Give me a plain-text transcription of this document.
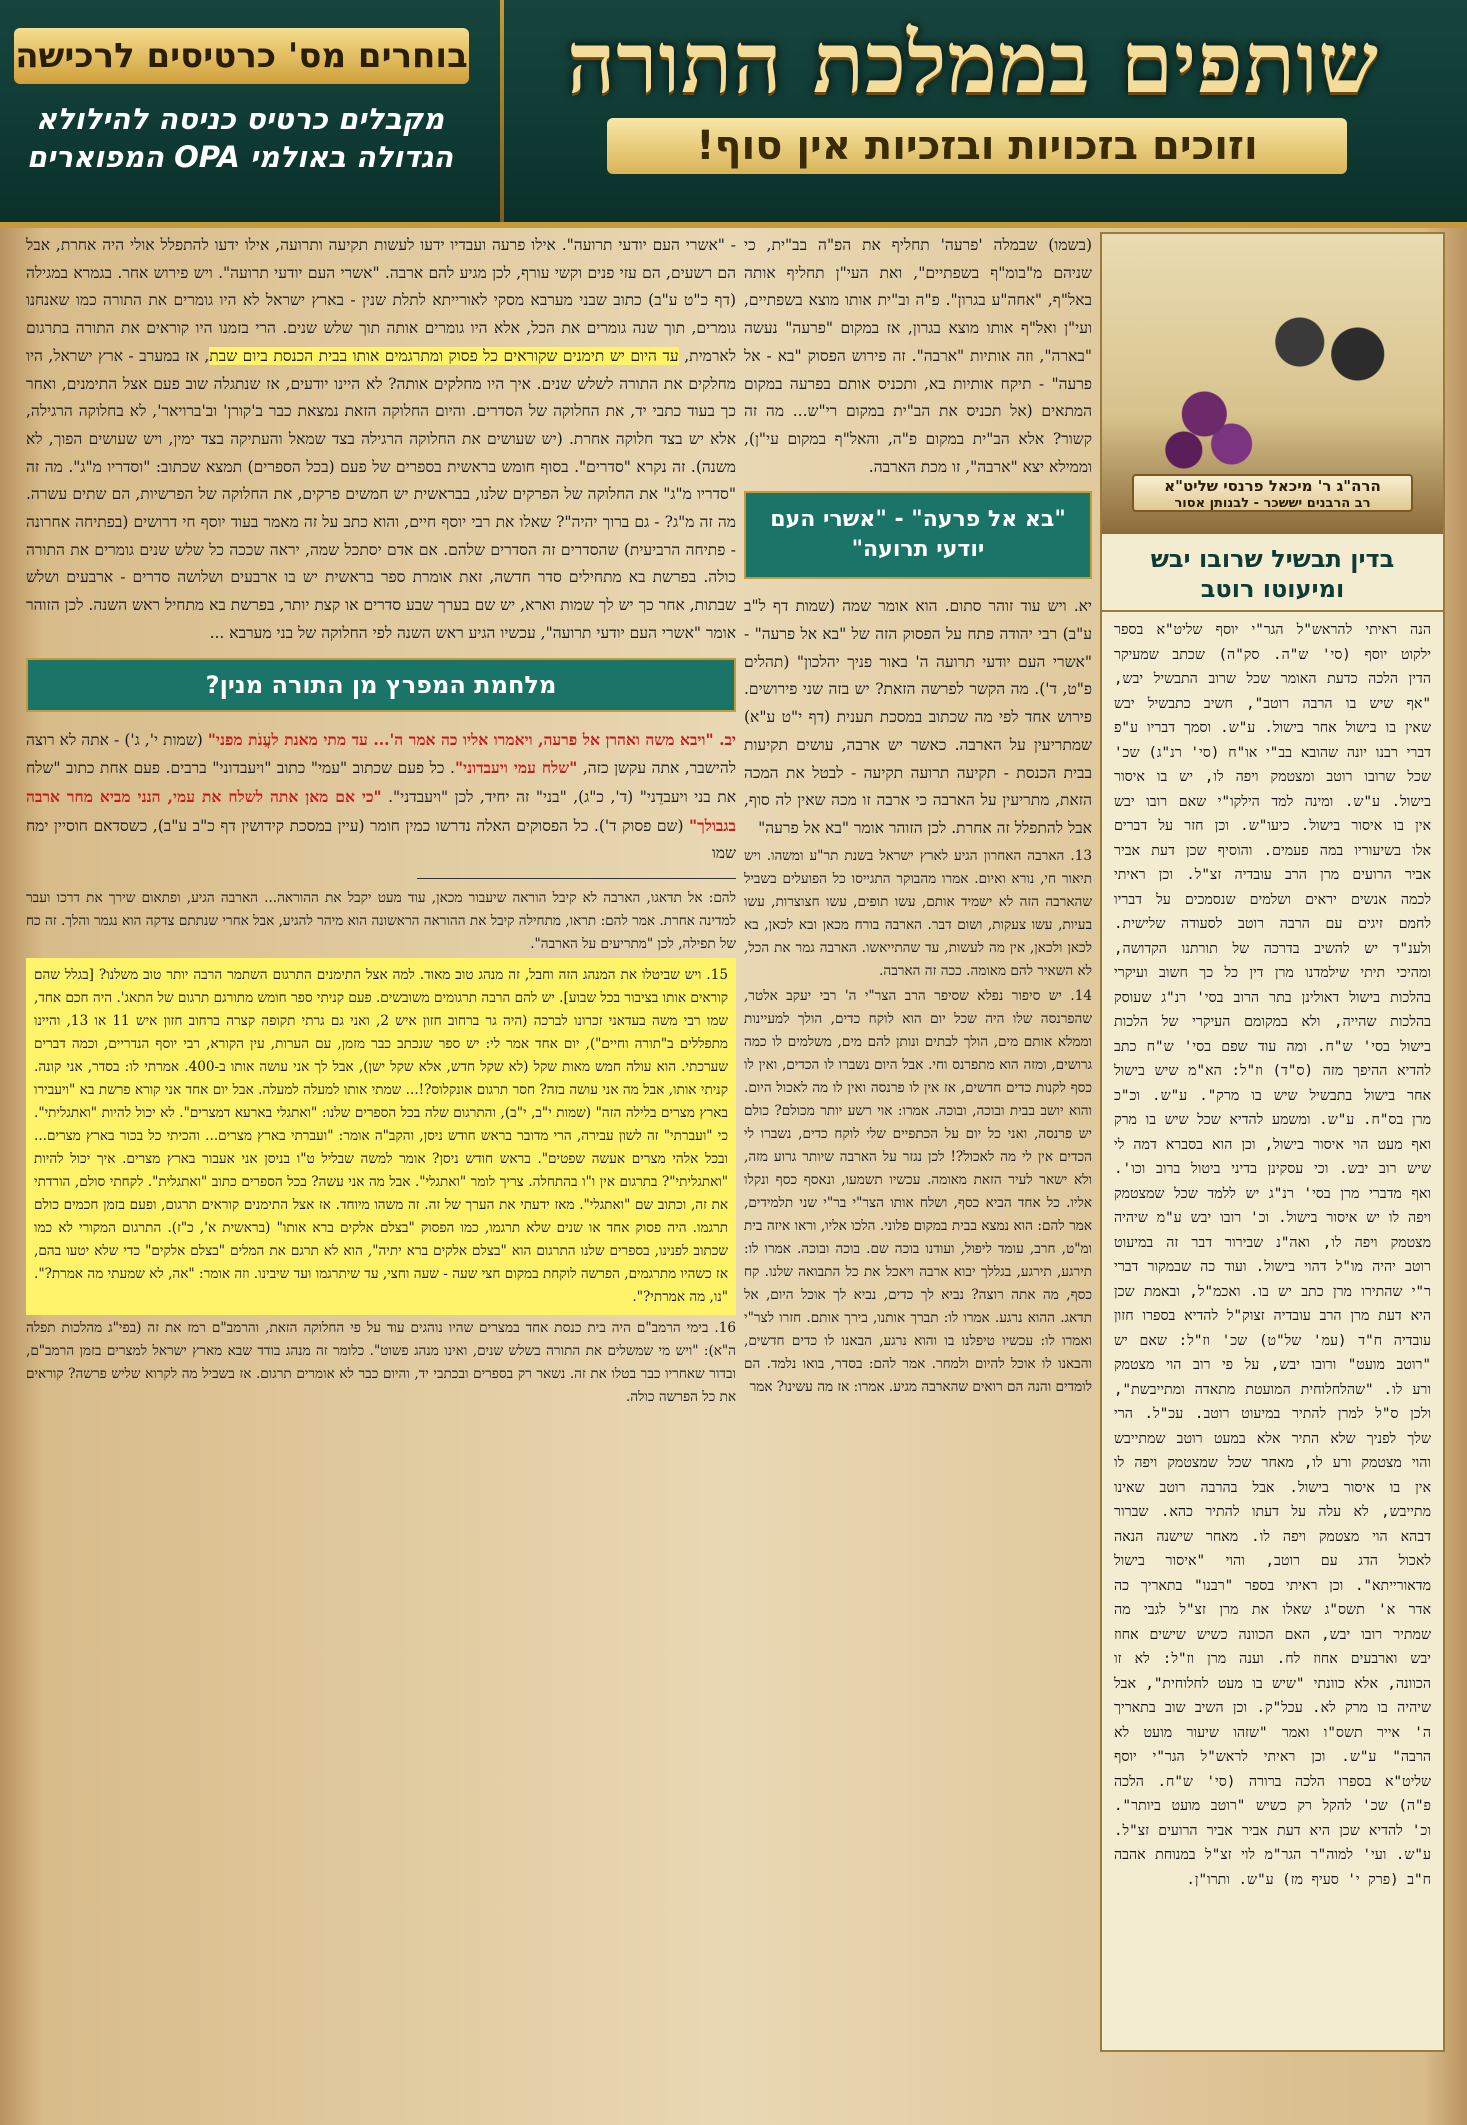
שותפים בממלכת התורה
וזוכים בזכויות ובזכיות אין סוף!
בוחרים מס' כרטיסים לרכישה
מקבלים כרטיס כניסה להילולא
הגדולה באולמי OPA המפוארים
הרה"ג ר' מיכאל פרנסי שליט"א
רב הרבנים יששכר - לבנותן אסור
בדין תבשיל שרובו יבש ומיעוטו רוטב
הנה ראיתי להראש"ל הגר"י יוסף שליט"א בספר ילקוט יוסף (סי' ש"ה. סק"ה) שכתב שמעיקר הדין הלכה כדעת האומר שכל שרוב התבשיל יבש, "אף שיש בו הרבה רוטב", חשיב כתבשיל יבש שאין בו בישול אחר בישול. ע"ש. וסמך דבריו ע"פ דברי רבנו יונה שהובא בב"י או"ח (סי' רנ"ג) שכ' שכל שרובו רוטב ומצטמק ויפה לו, יש בו איסור בישול. ע"ש. ומינה למד הילקו"י שאם רובו יבש אין בו איסור בישול. כיעו"ש. וכן חזר על דברים אלו בשיעוריו במה פעמים. והוסיף שכן דעת אביר אביר הרועים מרן הרב עובדיה זצ"ל. וכן ראיתי לכמה אנשים יראים ושלמים שנסמכים על דבריו לחמם זיגים עם הרבה רוטב לסעודה שלישית. ולענ"ד יש להשיב בדרכה של תורתנו הקדושה, ומהיכי תיתי שילמדנו מרן דין כל כך חשוב ועיקרי בהלכות בישול דאולינן בתר הרוב בסי' רנ"ג שעוסק בהלכות שהייה, ולא במקומם העיקרי של הלכות בישול בסי' ש"ח. ומה עוד שפם בסי' ש"ח כתב להדיא ההיפך מזה (ס"ד) וז"ל: הא"מ שיש בישול אחר בישול בתבשיל שיש בו מרק". ע"ש. וכ"כ מרן בס"ח. ע"ש. ומשמע להדיא שכל שיש בו מרק ואף מעט הוי איסור בישול, וכן הוא בסברא דמה לי שיש רוב יבש. וכי עסקינן בדיני ביטול ברוב וכו'. ואף מדברי מרן בסי' רנ"ג יש ללמד שכל שמצטמק ויפה לו יש איסור בישול. וכ' רובו יבש ע"מ שיהיה מצטמק ויפה לו, ואה"נ שבירור דבר זה במיעוט רוטב יהיה מו"ל דהוי בישול. ועוד כה שבמקור דברי ר"י שהתירו מרן כתב יש בו. ואכמ"ל, ובאמת שכן היא דעת מרן הרב עובדיה זצוק"ל להדיא בספרו חזון עובדיה ח"ד (עמ' של"ט) שכ' וז"ל: שאם יש "רוטב מועט" ורובו יבש, על פי רוב הוי מצטמק ורע לו. "שהלחלוחית המועטת מתאדה ומתייבשת", ולכן ס"ל למרן להתיר במיעוט רוטב. עכ"ל. הרי שלך לפניך שלא התיר אלא במעט רוטב שמתייבש והוי מצטמק ורע לו, מאחר שכל שמצטמק ויפה לו אין בו איסור בישול. אבל בהרבה רוטב שאינו מתייבש, לא עלה על דעתו להתיר כהא. שברור דבהא הוי מצטמק ויפה לו. מאחר שישנה הנאה לאכול הדג עם רוטב, והוי "איסור בישול מדאורייתא". וכן ראיתי בספר "רבנו" בתאריך כה אדר א' תשס"ג שאלו את מרן זצ"ל לגבי מה שמתיר רובו יבש, האם הכוונה כשיש שישים אחוז יבש וארבעים אחוז לח. וענה מרן וז"ל: לא זו הכוונה, אלא כוונתי "שיש בו מעט לחלוחית", אבל שיהיה בו מרק לא. עכל"ק. וכן השיב שוב בתאריך ה' אייר תשס"ו ואמר "שזהו שיעור מועט לא הרבה" ע"ש. וכן ראיתי לראש"ל הגר"י יוסף שליט"א בספרו הלכה ברורה (סי' ש"ח. הלכה פ"ה) שכ' להקל רק כשיש "רוטב מועט ביותר". וכ' להדיא שכן היא דעת אביר אביר הרועים זצ"ל. ע"ש. ועי' למוה"ר הגר"מ לוי זצ"ל במנוחת אהבה ח"ב (פרק י' סעיף מז) ע"ש. ותרו"ן.

(בשמו) שבמלה 'פרעה' תחליף את הפ"ה בב"ית, כי שניהם מ"בומ"ף בשפתיים", ואת העי"ן תחליף אותה באל"ף, "אחה"ע בגרון". פ"ה וב"ית אותו מוצא בשפתיים, ועי"ן ואל"ף אותו מוצא בגרון, אז במקום "פרעה" נעשה "בארה", וזה אותיות "ארבה". זה פירוש הפסוק "בא - אל פרעה" - תיקח אותיות בא, ותכניס אותם בפרעה במקום המתאים (אל תכניס את הב"ית במקום רי"ש... מה זה קשור? אלא הב"ית במקום פ"ה, והאל"ף במקום עי"ן), וממילא יצא "ארבה", זו מכת הארבה.

"בא אל פרעה" - "אשרי העם יודעי תרועה"

יא. ויש עוד זוהר סתום. הוא אומר שמה (שמות דף ל"ב ע"ב) רבי יהודה פתח על הפסוק הזה של "בא אל פרעה" - "אשרי העם יודעי תרועה ה' באור פניך יהלכון" (תהלים פ"ט, ד'). מה הקשר לפרשה הזאת? יש בזה שני פירושים. פירוש אחד לפי מה שכתוב במסכת תענית (דף י"ט ע"א) שמתריעין על הארבה. כאשר יש ארבה, עושים תקיעות בבית הכנסת - תקיעה תרועה תקיעה - לבטל את המכה הזאת, מתריעין על הארבה כי ארבה זו מכה שאין לה סוף, אבל להתפלל זה אחרת. לכן הזוהר אומר "בא אל פרעה"

13. הארבה האחרון הגיע לארץ ישראל בשנת תר"ע ומשהו. ויש תיאור חי, נורא ואיום. אמרו מהבוקר התגייסו כל הפועלים בשביל שהארבה הזה לא ישמיד אותם, עשו תופים, עשו חצוצרות, עשו בעיות, עשו צעקות, ושום דבר. הארבה בורח מכאן ובא לכאן, בא לכאן ולכאן, אין מה לעשות, עד שהתייאשו. הארבה גמר את הכל, לא השאיר להם מאומה. ככה זה הארבה.

14. יש סיפור נפלא שסיפר הרב הצר"י ה' רבי יעקב אלטר, שהפרנסה שלו היה שכל יום הוא לוקח כדים, הולך למעיינות וממלא אותם מים, הולך לבתים ונותן להם מים, משלמים לו כמה גרושים, ומזה הוא מתפרנס וחי. אבל היום נשברו לו הכדים, ואין לו כסף לקנות כדים חדשים, אז אין לו פרנסה ואין לו מה לאכול היום. והוא יושב בבית ובוכה, ובוכה. אמרו: אוי רשע יותר מכולם? כולם יש פרנסה, ואני כל יום על הכתפיים שלי לוקח כדים, נשברו לי הכדים אין לי מה לאכול?! לכן נגזר על הארבה שיותר גרוע מזה, ולא ישאר לעיר הזאת מאומה. עכשיו תשמעו, ונאסף כסף ונקלו אליו. כל אחד הביא כסף, ושלח אותו הצר"י בר"י שני תלמידים, אמר להם: הוא נמצא בבית במקום פלוני. הלכו אליו, וראו איזה בית ומ"ט, חרב, עומד ליפול, ועודנו בוכה שם. בוכה ובוכה. אמרו לו: תירגע, תירגע, בגללך יבוא ארבה ויאכל את כל התבואה שלנו. קח כסף, מה אתה רוצה? נביא לך כדים, נביא לך אוכל היום, אל תדאג. ההוא נרגע. אמרו לו: תברך אותנו, בירך אותם. חזרו לצר"י ואמרו לו: עכשיו טיפלנו בו והוא נרגע, הבאנו לו כדים חדשים, והבאנו לו אוכל להיום ולמחר. אמר להם: בסדר, בואו נלמד. הם לומדים והנה הם רואים שהארבה מגיע. אמרו: אז מה עשינו? אמר

- "אשרי העם יודעי תרועה". אילו פרעה ועבדיו ידעו לעשות תקיעה ותרועה, אילו ידעו להתפלל אולי היה אחרת, אבל הם רשעים, הם עזי פנים וקשי עורף, לכן מגיע להם ארבה. "אשרי העם יודעי תרועה". ויש פירוש אחר. בגמרא במגילה (דף כ"ט ע"ב) כתוב שבני מערבא מסקי לאורייתא לתלת שנין - בארץ ישראל לא היו גומרים את התורה כמו שאנחנו גומרים, תוך שנה גומרים את הכל, אלא היו גומרים אותה תוך שלש שנים. הרי בזמנו היו קוראים את התורה בתרגום לארמית, עד היום יש תימנים שקוראים כל פסוק ומתרגמים אותו בבית הכנסת ביום שבת, אז במערב - ארץ ישראל, היו מחלקים את התורה לשלש שנים. איך היו מחלקים אותה? לא היינו יודעים, אז שנתגלה שוב פעם אצל התימנים, ואחר כך בעוד כתבי יד, את החלוקה של הסדרים. והיום החלוקה הזאת נמצאת כבר ב'קורן' וב'ברויאר', לא בחלוקה הרגילה, אלא יש בצד חלוקה אחרת. (יש שעושים את החלוקה הרגילה בצד שמאל והעתיקה בצד ימין, ויש שעושים הפוך, לא משנה). זה נקרא "סדרים". בסוף חומש בראשית בספרים של פעם (בכל הספרים) תמצא שכתוב: "וסדריו מ"ג". מה זה "סדריו מ"ג" את החלוקה של הפרקים שלנו, בבראשית יש חמשים פרקים, את החלוקה של הפרשיות, הם שתים עשרה. מה זה מ"ג? - גם ברוך יהיה"? שאלו את רבי יוסף חיים, והוא כתב על זה מאמר בעוד יוסף חי דרושים (בפתיחה אחרונה - פתיחה הרביעית) שהסדרים זה הסדרים שלהם. אם אדם יסתכל שמה, יראה שככה כל שלש שנים גומרים את התורה כולה. בפרשת בא מתחילים סדר חדשה, זאת אומרת ספר בראשית יש בו ארבעים ושלושה סדרים - ארבעים ושלש שבתות, אחר כך יש לך שמות וארא, יש שם בערך שבע סדרים או קצת יותר, בפרשת בא מתחיל ראש השנה. לכן הזוהר אומר "אשרי העם יודעי תרועה", עכשיו הגיע ראש השנה לפי החלוקה של בני מערבא ...

מלחמת המפרץ מן התורה מנין?

יב. "ויבא משה ואהרן אל פרעה, ויאמרו אליו כה אמר ה'... עד מתי מאנת לעֲנֹת מפני" (שמות י', ג') - אתה לא רוצה להישבר, אתה עקשן כזה, "שלח עמי ויעבדוני". כל פעם שכתוב "עמי" כתוב "ויעבדוני" ברבים. פעם אחת כתוב "שלח את בני ויעבדֵני" (ד', כ"ג), "בני" זה יחיד, לכן "ויעבדני". "כי אם מאן אתה לשלח את עמי, הנני מביא מחר ארבה בגבולך" (שם פסוק ד'). כל הפסוקים האלה נדרשו כמין חומר (עיין במסכת קידושין דף כ"ב ע"ב), כשסדאם חוסיין ימח שמו

להם: אל תדאגו, הארבה לא קיבל הוראה שיעבור מכאן, עוד מעט יקבל את ההוראה... הארבה הגיע, ופתאום שירך את דרכו ועבר למדינה אחרת. אמר להם: תראו, מתחילה קיבל את ההוראה הראשונה הוא מיהר להגיע, אבל אחרי שנתתם צדקה הוא נגמר והלך. זה כח של תפילה, לכן "מתריעים על הארבה".

15. ויש שביטלו את המנהג הזה וחבל, זה מנהג טוב מאוד. למה אצל התימנים התרגום השתמר הרבה יותר טוב משלנו? [בגלל שהם קוראים אותו בציבור בכל שבוע]. יש להם הרבה תרגומים משובשים. פעם קניתי ספר חומש מתורגם תרגום של התאג'. היה חכם אחד, שמו רבי משה בעדאני זכרונו לברכה (היה גר ברחוב חזון איש 2, ואני גם גרתי תקופה קצרה ברחוב חזון איש 11 או 13, והיינו מתפללים ב"תורה וחיים"), יום אחד אמר לי: יש ספר שנכתב כבר מזמן, עם הערות, עין הקורא, רבי יוסף הנדריים, וכמה דברים שערכתי. הוא עולה חמש מאות שקל (לא שקל חדש, אלא שקל ישן), אבל לך אני עושה אותו ב-400. אמרתי לו: בסדר, אני קונה. קניתי אותו, אבל מה אני עושה בזה? חסר תרגום אונקלוס?!... שמתי אותו למעלה למעלה. אבל יום אחד אני קורא פרשת בא "ויעבירו בארץ מצרים בלילה הזה" (שמות י"ב, י"ב), והתרגום שלה בכל הספרים שלנו: "ואתגלי בארעא דמצרים". לא יכול להיות "ואתגליתי". כי "ועברתי" זה לשון עבירה, הרי מדובר בראש חודש ניסן, והקב"ה אומר: "ועברתי בארץ מצרים... והכיתי כל בכור בארץ מצרים... ובכל אלהי מצרים אעשה שפטים". בראש חודש ניסן? אומר למשה שבליל ט"ו בניסן אני אעבור בארץ מצרים. איך יכול להיות "ואתגליתי"? בתרגום אין ו"ו בהתחלה. צריך לומר "ואתגלי". אבל מה אני עשה? בכל הספרים כתוב "ואתגלית". לקחתי סולם, הורדתי את זה, וכתוב שם "ואתגלי". מאז ידעתי את הערך של זה. זה משהו מיוחד. אז אצל התימנים קוראים תרגום, ופעם בזמן חכמים כולם תרגמו. היה פסוק אחד או שנים שלא תרגמו, כמו הפסוק "בצלם אלקים ברא אותו" (בראשית א', כ"ז). התרגום המקורי לא כמו שכתוב לפנינו, בספרים שלנו התרגום הוא "בצלם אלקים ברא יתיה", הוא לא תרגם את המלים "בצלם אלקים" כדי שלא יטעו בהם, אז כשהיו מתרגמים, הפרשה לוקחת במקום חצי שעה - שעה וחצי, עד שיתרגמו ועד שיבינו. וזה אומר: "אה, לא שמעתי מה אמרת?". "נו, מה אמרתי?".

16. בימי הרמב"ם היה בית כנסת אחד במצרים שהיו נוהגים עוד על פי החלוקה הזאת, והרמב"ם רמז את זה (בפי"ג מהלכות תפלה ה"א): "ויש מי שמשלים את התורה בשלש שנים, ואינו מנהג פשוט". כלומר זה מנהג בודד שבא מארץ ישראל למצרים בזמן הרמב"ם, ובדור שאחריו כבר בטלו את זה. נשאר רק בספרים ובכתבי יד, והיום כבר לא אומרים תרגום. אז בשביל מה לקרוא שליש פרשה? קוראים את כל הפרשה כולה.
